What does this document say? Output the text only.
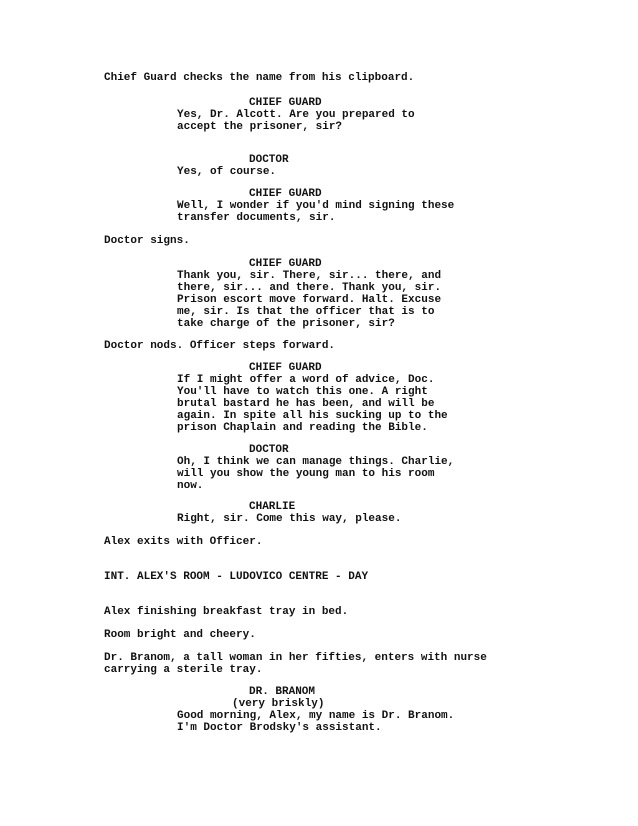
Chief Guard checks the name from his clipboard.
CHIEF GUARD
Yes, Dr. Alcott. Are you prepared to
accept the prisoner, sir?
DOCTOR
Yes, of course.
CHIEF GUARD
Well, I wonder if you'd mind signing these
transfer documents, sir.
Doctor signs.
CHIEF GUARD
Thank you, sir. There, sir... there, and
there, sir... and there. Thank you, sir.
Prison escort move forward. Halt. Excuse
me, sir. Is that the officer that is to
take charge of the prisoner, sir?
Doctor nods. Officer steps forward.
CHIEF GUARD
If I might offer a word of advice, Doc.
You'll have to watch this one. A right
brutal bastard he has been, and will be
again. In spite all his sucking up to the
prison Chaplain and reading the Bible.
DOCTOR
Oh, I think we can manage things. Charlie,
will you show the young man to his room
now.
CHARLIE
Right, sir. Come this way, please.
Alex exits with Officer.
INT. ALEX'S ROOM - LUDOVICO CENTRE - DAY
Alex finishing breakfast tray in bed.
Room bright and cheery.
Dr. Branom, a tall woman in her fifties, enters with nurse
carrying a sterile tray.
DR. BRANOM
(very briskly)
Good morning, Alex, my name is Dr. Branom.
I'm Doctor Brodsky's assistant.
